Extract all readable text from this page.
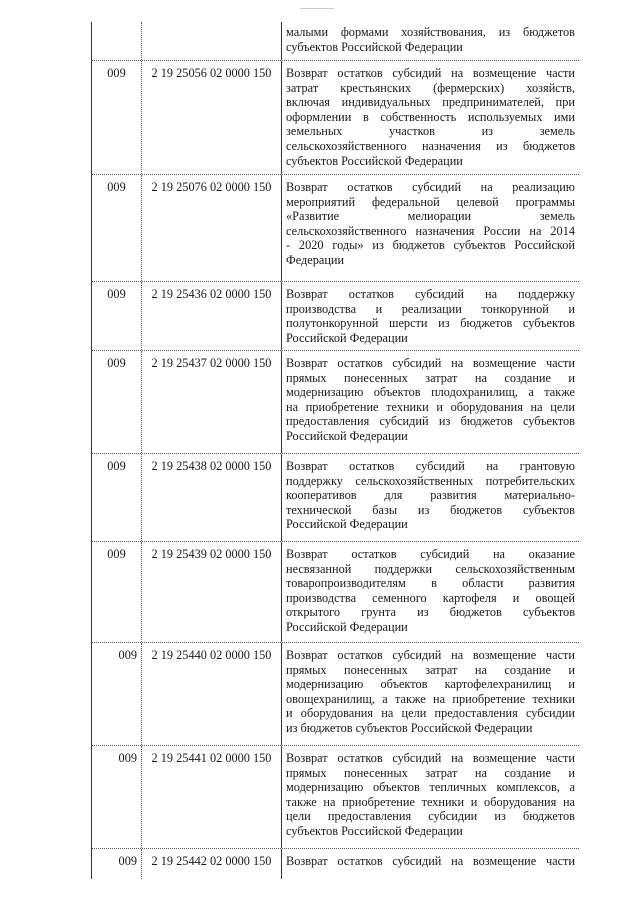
малыми формами хозяйствования, из бюджетов
субъектов Российской Федерации
009	2 19 25056 02 0000 150	Возврат остатков субсидий на возмещение части
затрат крестьянских (фермерских) хозяйств,
включая индивидуальных предпринимателей, при
оформлении в собственность используемых ими
земельных участков из земель
сельскохозяйственного назначения из бюджетов
субъектов Российской Федерации
009	2 19 25076 02 0000 150	Возврат остатков субсидий на реализацию
мероприятий федеральной целевой программы
«Развитие мелиорации земель
сельскохозяйственного назначения России на 2014
- 2020 годы» из бюджетов субъектов Российской
Федерации
009	2 19 25436 02 0000 150	Возврат остатков субсидий на поддержку
производства и реализации тонкорунной и
полутонкорунной шерсти из бюджетов субъектов
Российской Федерации
009	2 19 25437 02 0000 150	Возврат остатков субсидий на возмещение части
прямых понесенных затрат на создание и
модернизацию объектов плодохранилищ, а также
на приобретение техники и оборудования на цели
предоставления субсидий из бюджетов субъектов
Российской Федерации
009	2 19 25438 02 0000 150	Возврат остатков субсидий на грантовую
поддержку сельскохозяйственных потребительских
кооперативов для развития материально-
технической базы из бюджетов субъектов
Российской Федерации
009	2 19 25439 02 0000 150	Возврат остатков субсидий на оказание
несвязанной поддержки сельскохозяйственным
товаропроизводителям в области развития
производства семенного картофеля и овощей
открытого грунта из бюджетов субъектов
Российской Федерации
009	2 19 25440 02 0000 150	Возврат остатков субсидий на возмещение части
прямых понесенных затрат на создание и
модернизацию объектов картофелехранилищ и
овощехранилищ, а также на приобретение техники
и оборудования на цели предоставления субсидии
из бюджетов субъектов Российской Федерации
009	2 19 25441 02 0000 150	Возврат остатков субсидий на возмещение части
прямых понесенных затрат на создание и
модернизацию объектов тепличных комплексов, а
также на приобретение техники и оборудования на
цели предоставления субсидии из бюджетов
субъектов Российской Федерации
009	2 19 25442 02 0000 150	Возврат остатков субсидий на возмещение части
